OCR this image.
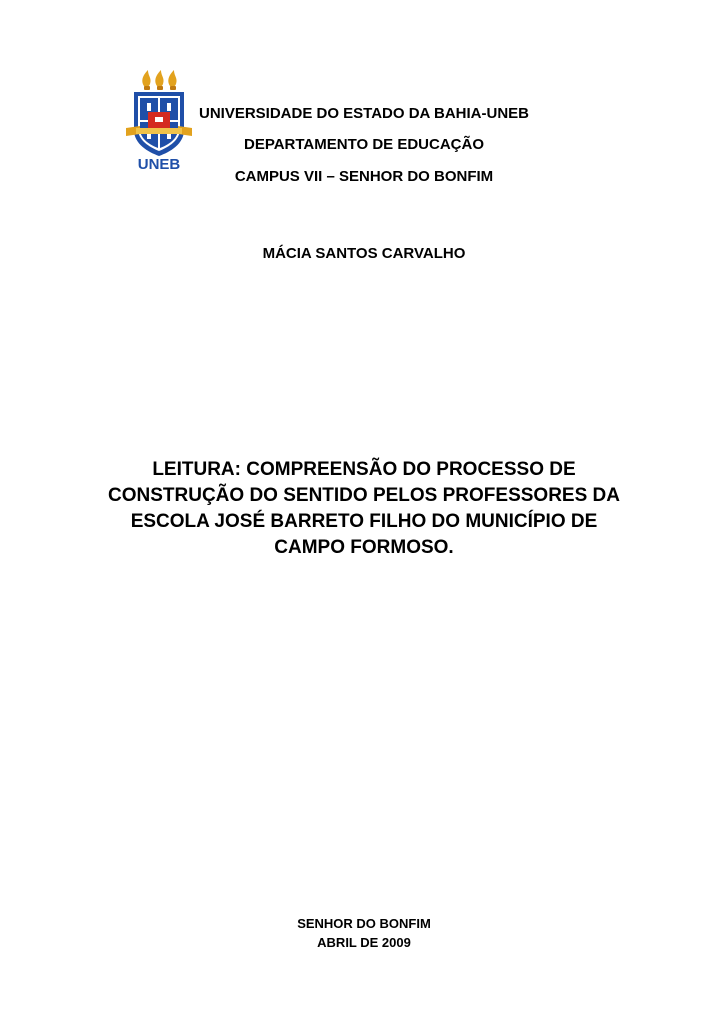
UNEB
UNIVERSIDADE DO ESTADO DA BAHIA-UNEB
DEPARTAMENTO DE EDUCAÇÃO
CAMPUS VII – SENHOR DO BONFIM
MÁCIA SANTOS CARVALHO
LEITURA: COMPREENSÃO DO PROCESSO DE
CONSTRUÇÃO DO SENTIDO PELOS PROFESSORES DA
ESCOLA JOSÉ BARRETO FILHO DO MUNICÍPIO DE
CAMPO FORMOSO.
SENHOR DO BONFIM
ABRIL DE 2009
